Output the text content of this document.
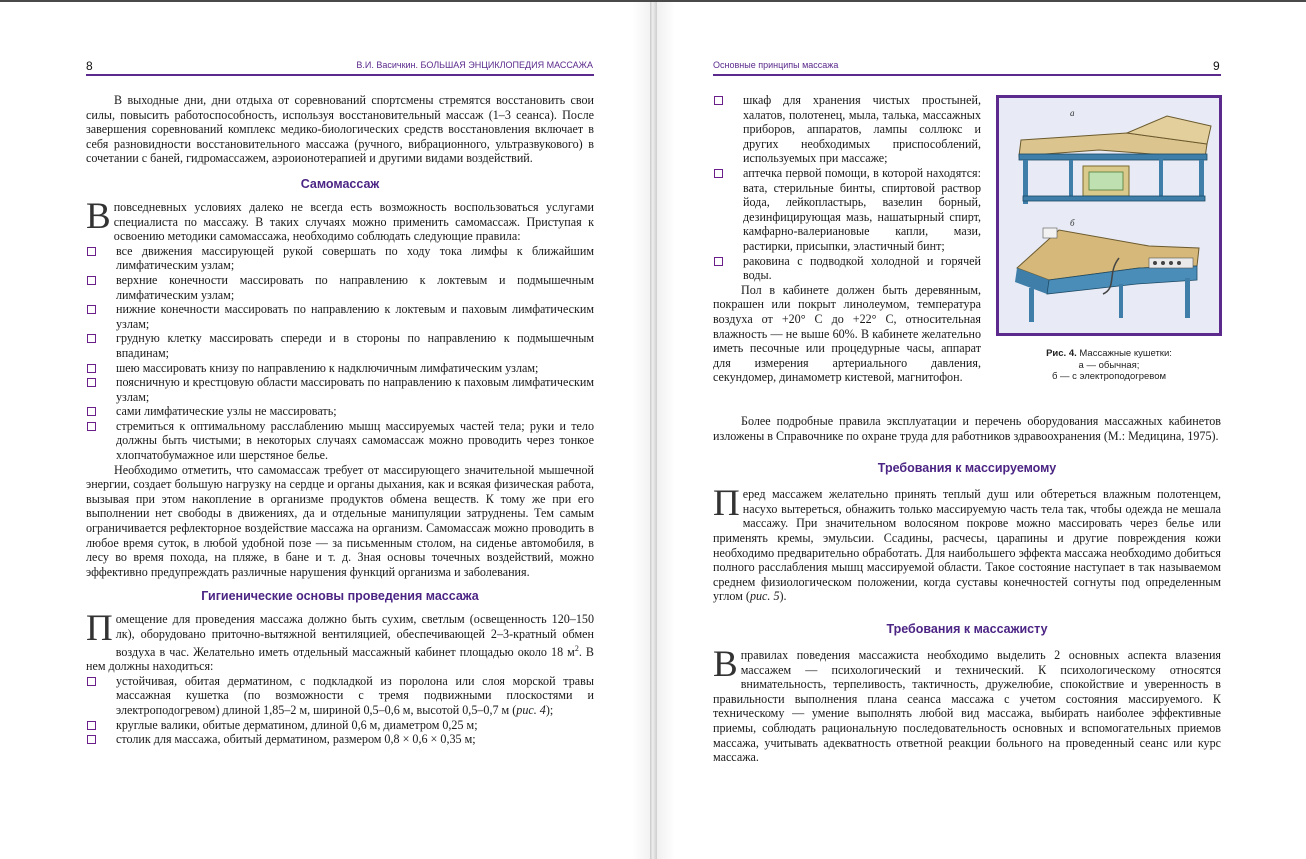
8	В.И. Васичкин. БОЛЬШАЯ ЭНЦИКЛОПЕДИЯ МАССАЖА

В выходные дни, дни отдыха от соревнований спортсмены стремятся восстановить свои силы, повысить работоспособность, используя восстановительный массаж (1–3 сеанса). После завершения соревнований комплекс медико-биологических средств восстановления включает в себя разновидности восстановительного массажа (ручного, вибрационного, ультразвукового) в сочетании с баней, гидромассажем, аэроионотерапией и другими видами воздействий.

Самомассаж

Вповседневных условиях далеко не всегда есть возможность воспользоваться услугами специалиста по массажу. В таких случаях можно применить самомассаж. Приступая к освоению методики самомассажа, необходимо соблюдать следующие правила:

все движения массирующей рукой совершать по ходу тока лимфы к ближайшим лимфатическим узлам;
верхние конечности массировать по направлению к локтевым и подмышечным лимфатическим узлам;
нижние конечности массировать по направлению к локтевым и паховым лимфатическим узлам;
грудную клетку массировать спереди и в стороны по направлению к подмышечным впадинам;
шею массировать книзу по направлению к надключичным лимфатическим узлам;
поясничную и крестцовую области массировать по направлению к паховым лимфатическим узлам;
сами лимфатические узлы не массировать;
стремиться к оптимальному расслаблению мышц массируемых частей тела; руки и тело должны быть чистыми; в некоторых случаях самомассаж можно проводить через тонкое хлопчатобумажное или шерстяное белье.

Необходимо отметить, что самомассаж требует от массирующего значительной мышечной энергии, создает большую нагрузку на сердце и органы дыхания, как и всякая физическая работа, вызывая при этом накопление в организме продуктов обмена веществ. К тому же при его выполнении нет свободы в движениях, да и отдельные манипуляции затруднены. Тем самым ограничивается рефлекторное воздействие массажа на организм. Самомассаж можно проводить в любое время суток, в любой удобной позе — за письменным столом, на сиденье автомобиля, в лесу во время похода, на пляже, в бане и т. д. Зная основы точечных воздействий, можно эффективно предупреждать различные нарушения функций организма и заболевания.

Гигиенические основы проведения массажа

Помещение для проведения массажа должно быть сухим, светлым (освещенность 120–150 лк), оборудовано приточно-вытяжной вентиляцией, обеспечивающей 2–3-кратный обмен воздуха в час. Желательно иметь отдельный массажный кабинет площадью около 18 $м^2$. В нем должны находиться:

устойчивая, обитая дерматином, с подкладкой из поролона или слоя морской травы массажная кушетка (по возможности с тремя подвижными плоскостями и электроподогревом) длиной 1,85–2 м, шириной 0,5–0,6 м, высотой 0,5–0,7 м (рис. 4);
круглые валики, обитые дерматином, длиной 0,6 м, диаметром 0,25 м;
столик для массажа, обитый дерматином, размером 0,8 × 0,6 × 0,35 м;
Основные принципы массажа	9
шкаф для хранения чистых простыней, халатов, полотенец, мыла, талька, массажных приборов, аппаратов, лампы соллюкс и других необходимых приспособлений, используемых при массаже;
аптечка первой помощи, в которой находятся: вата, стерильные бинты, спиртовой раствор йода, лейкопластырь, вазелин борный, дезинфицирующая мазь, нашатырный спирт, камфарно-валериановые капли, мази, растирки, присыпки, эластичный бинт;
раковина с подводкой холодной и горячей воды.

Пол в кабинете должен быть деревянным, покрашен или покрыт линолеумом, температура воздуха от +20° С до +22° С, относительная влажность — не выше 60%. В кабинете желательно иметь песочные или процедурные часы, аппарат для измерения артериального давления, секундомер, динамометр кистевой, магнитофон.

а
б
Рис. 4. Массажные кушетки:
а — обычная;
б — с электроподогревом

Более подробные правила эксплуатации и перечень оборудования массажных кабинетов изложены в Справочнике по охране труда для работников здравоохранения (М.: Медицина, 1975).

Требования к массируемому

Перед массажем желательно принять теплый душ или обтереться влажным полотенцем, насухо вытереться, обнажить только массируемую часть тела так, чтобы одежда не мешала массажу. При значительном волосяном покрове можно массировать через белье или применять кремы, эмульсии. Ссадины, расчесы, царапины и другие повреждения кожи необходимо предварительно обработать. Для наибольшего эффекта массажа необходимо добиться полного расслабления мышц массируемой области. Такое состояние наступает в так называемом среднем физиологическом положении, когда суставы конечностей согнуты под определенным углом (рис. 5).

Требования к массажисту

Вправилах поведения массажиста необходимо выделить 2 основных аспекта влазения массажем — психологический и технический. К психологическому относятся внимательность, терпеливость, тактичность, дружелюбие, спокойствие и уверенность в правильности выполнения плана сеанса массажа с учетом состояния массируемого. К техническому — умение выполнять любой вид массажа, выбирать наиболее эффективные приемы, соблюдать рациональную последовательность основных и вспомогательных приемов массажа, учитывать адекватность ответной реакции больного на проведенный сеанс или курс массажа.
